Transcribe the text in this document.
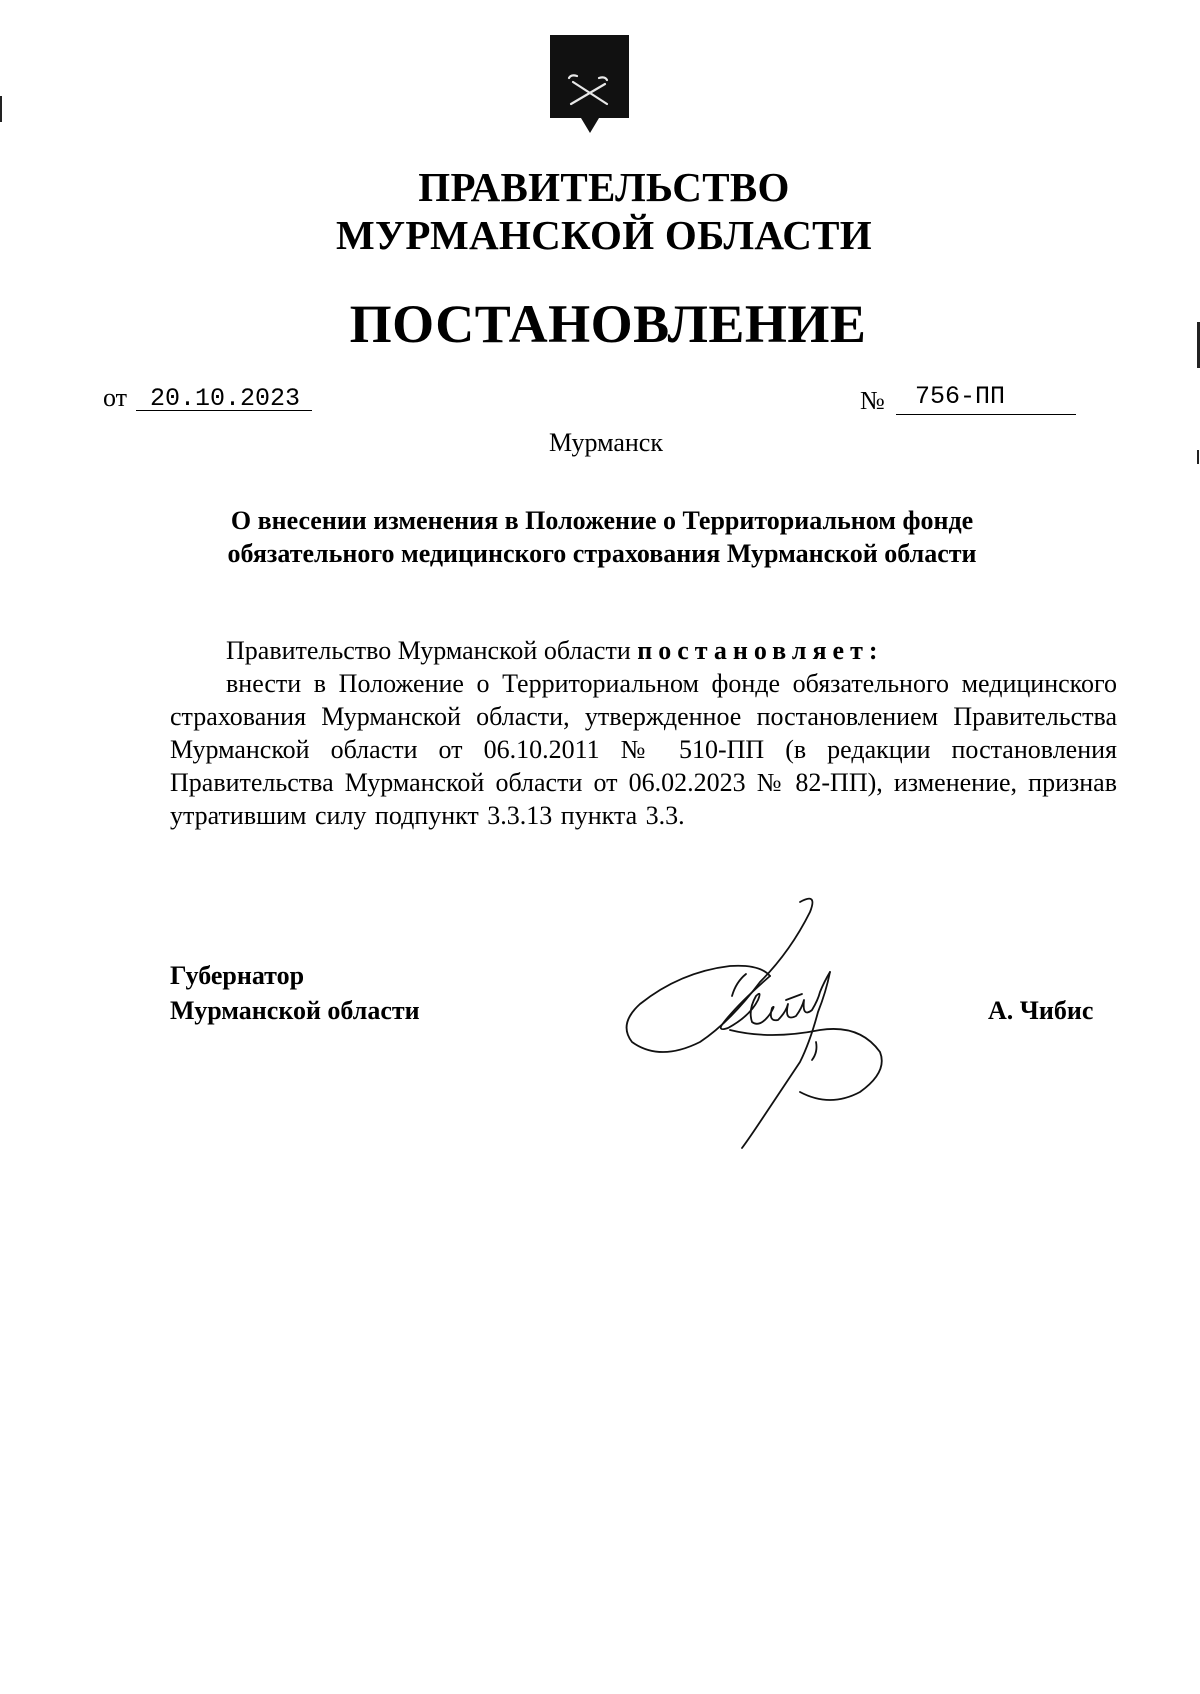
ПРАВИТЕЛЬСТВО
МУРМАНСКОЙ ОБЛАСТИ
ПОСТАНОВЛЕНИЕ
от 20.10.2023	№ 756-ПП
Мурманск
О внесении изменения в Положение о Территориальном фонде
обязательного медицинского страхования Мурманской области
Правительство Мурманской области постановляет:
внести в Положение о Территориальном фонде обязательного медицинского страхования Мурманской области, утвержденное постановлением Правительства Мурманской области от 06.10.2011 № 510-ПП (в редакции постановления Правительства Мурманской области от 06.02.2023 № 82-ПП), изменение, признав утратившим силу подпункт 3.3.13 пункта 3.3.
Губернатор
Мурманской области	А. Чибис
